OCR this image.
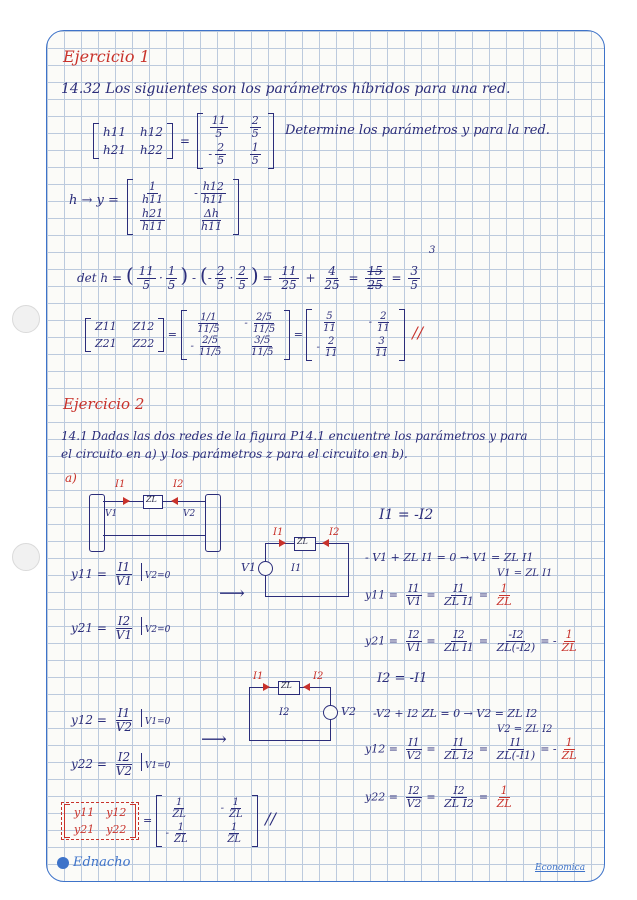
Ejercicio 1
14.32 Los siguientes son los parámetros híbridos para una red.
h11 h12
h21 h22
=
$\frac{11}{5} \frac{2}{5}$
- $\frac{2}{5} \frac{1}{5}$
Determine los parámetros y para la red.
$h \to y = \frac{1}{h11}$	- $\frac{h12}{h11}$
$\frac{h21}{h11}$	$\frac{\Delta h}{h11}$
det h = ( $\frac{11}{5} \cdot \frac{1}{5}$ ) - (- $\frac{2}{5} \cdot \frac{2}{5}$ ) = $\frac{11}{25} + \frac{4}{25} = \frac{15}{25} = \frac{3}{5}$
3
Z11 Z12
Z21 Z22
= $\frac{1/1}{11/5} - \frac{2/5}{11/5}$
- $\frac{2/5}{11/5}$	$\frac{3/5}{11/5}$
=
$\frac{5}{11}$	- $\frac{2}{11}$
- $\frac{2}{11}$	$\frac{3}{11}$
//
Ejercicio 2
14.1 Dadas las dos redes de la figura P14.1 encuentre los parámetros y para
el circuito en a) y los parámetros z para el circuito en b).
a)
ZL
I1	I2
V1	V2	I1 = -I2
ZL
I1	I2
V1	I1
⟶
- V1 + ZL I1 = 0 → V1 = ZL I1
V1 = ZL I1
$y11 = \frac{I1}{V1} V2=0$
$y21 = \frac{I2}{V1} V2=0$
$y11 = \frac{I1}{V1} = \frac{I1}{\text{ZL I1}} = \frac{1}{ZL}$
$y21 = \frac{I2}{V1} = \frac{I2}{\text{ZL I1}} = \frac{-I2}{ZL(-I2)}$ = - $\frac{1}{ZL}$
I2 = -I1
ZL
I1	I2
V2
I2
⟶
-V2 + I2 ZL = 0 → V2 = ZL I2
V2 = ZL I2
$y12 = \frac{I1}{V2} V1=0$
$y22 = \frac{I2}{V2} V1=0$
$y12 = \frac{I1}{V2} = \frac{I1}{\text{ZL I2}} = \frac{I1}{ZL(-I1)}$ = - $\frac{1}{ZL}$
$y22 = \frac{I2}{V2} = \frac{I2}{\text{ZL I2}} = \frac{1}{ZL}$
y11 y12
y21 y22
=
$\frac{1}{ZL}$	- $\frac{1}{ZL}$
- $\frac{1}{ZL}$	$\frac{1}{ZL}$
//
Ednacho	Economica
